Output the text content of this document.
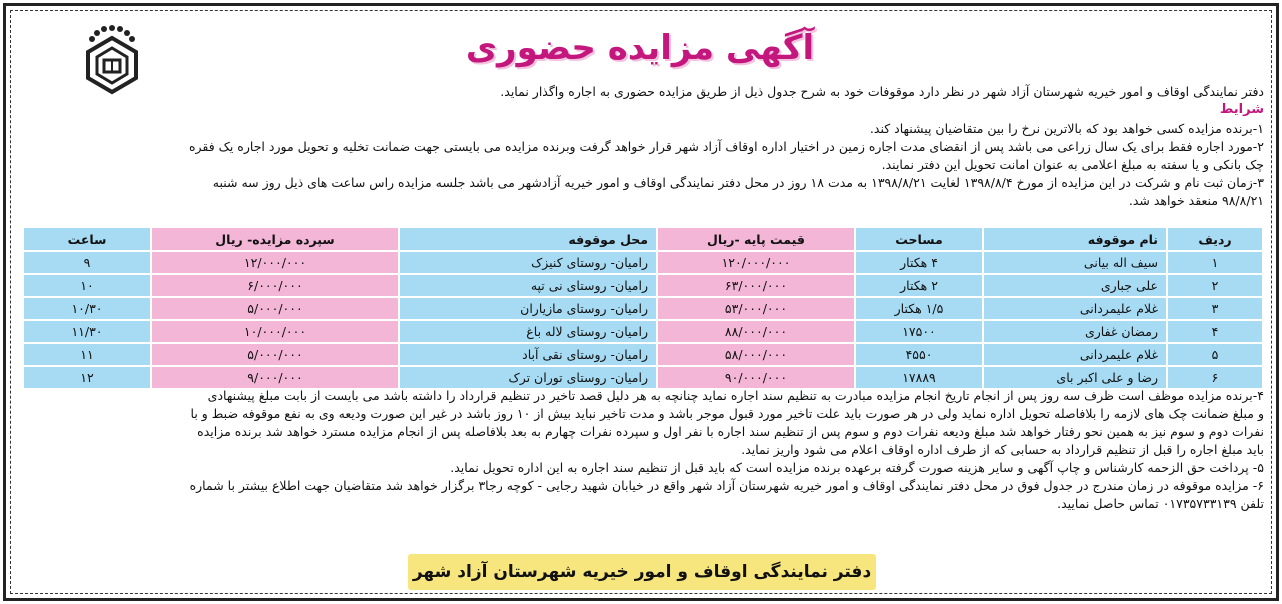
آگهی مزایده حضوری
دفتر نمایندگی اوقاف و امور خیریه شهرستان آزاد شهر در نظر دارد موقوفات خود به شرح جدول ذیل از طریق مزایده حضوری به اجاره واگذار نماید.
شرایط
۱-برنده مزایده کسی خواهد بود که بالاترین نرخ را بین متقاضیان پیشنهاد کند.
۲-مورد اجاره فقط برای یک سال زراعی می باشد پس از انقضای مدت اجاره زمین در اختیار اداره اوقاف آزاد شهر قرار خواهد گرفت وبرنده مزایده می بایستی جهت ضمانت تخلیه و تحویل مورد اجاره یک فقره
چک بانکی و یا سفته به مبلغ اعلامی به عنوان امانت تحویل این دفتر نمایند.
۳-زمان ثبت نام و شرکت در این مزایده از مورخ ۱۳۹۸/۸/۴ لغایت ۱۳۹۸/۸/۲۱ به مدت ۱۸ روز در محل دفتر نمایندگی اوقاف و امور خیریه آزادشهر می باشد جلسه مزایده راس ساعت های ذیل روز سه شنبه
۹۸/۸/۲۱ منعقد خواهد شد.
ردیف	نام موقوفه	مساحت	قیمت پایه -ریال	محل موقوفه	سپرده مزایده- ریال	ساعت
۱	سیف اله بیانی	۴ هکتار	۱۲۰/۰۰۰/۰۰۰	رامیان- روستای کنیزک	۱۲/۰۰۰/۰۰۰	۹
۲	علی جباری	۲ هکتار	۶۳/۰۰۰/۰۰۰	رامیان- روستای نی تپه	۶/۰۰۰/۰۰۰	۱۰
۳	غلام علیمردانی	۱/۵ هکتار	۵۳/۰۰۰/۰۰۰	رامیان- روستای مازیاران	۵/۰۰۰/۰۰۰	۱۰/۳۰
۴	رمضان غفاری	۱۷۵۰۰	۸۸/۰۰۰/۰۰۰	رامیان- روستای لاله باغ	۱۰/۰۰۰/۰۰۰	۱۱/۳۰
۵	غلام علیمردانی	۴۵۵۰	۵۸/۰۰۰/۰۰۰	رامیان- روستای نقی آباد	۵/۰۰۰/۰۰۰	۱۱
۶	رضا و علی اکبر بای	۱۷۸۸۹	۹۰/۰۰۰/۰۰۰	رامیان- روستای توران ترک	۹/۰۰۰/۰۰۰	۱۲
۴-برنده مزایده موظف است ظرف سه روز پس از انجام تاریخ انجام مزایده مبادرت به تنظیم سند اجاره نماید چنانچه به هر دلیل قصد تاخیر در تنظیم قرارداد را داشته باشد می بایست از بابت مبلغ پیشنهادی
و مبلغ ضمانت چک های لازمه را بلافاصله تحویل اداره نماید ولی در هر صورت باید علت تاخیر مورد قبول موجر باشد و مدت تاخیر نباید بیش از ۱۰ روز باشد در غیر این صورت ودیعه وی به نفع موقوفه ضبط و با
نفرات دوم و سوم نیز به همین نحو رفتار خواهد شد مبلغ ودیعه نفرات دوم و سوم پس از تنظیم سند اجاره با نفر اول و سپرده نفرات چهارم به بعد بلافاصله پس از انجام مزایده مسترد خواهد شد برنده مزایده
باید مبلغ اجاره را قبل از تنظیم قرارداد به حسابی که از طرف اداره اوقاف اعلام می شود واریز نماید.
۵- پرداخت حق الزحمه کارشناس و چاپ آگهی و سایر هزینه صورت گرفته برعهده برنده مزایده است که باید قبل از تنظیم سند اجاره به این اداره تحویل نماید.
۶- مزایده موقوفه در زمان مندرج در جدول فوق در محل دفتر نمایندگی اوقاف و امور خیریه شهرستان آزاد شهر واقع در خیابان شهید رجایی - کوچه رجا۳ برگزار خواهد شد متقاضیان جهت اطلاع بیشتر با شماره
تلفن ۰۱۷۳۵۷۳۳۱۳۹ تماس حاصل نمایید.
دفتر نمایندگی اوقاف و امور خیریه شهرستان آزاد شهر
